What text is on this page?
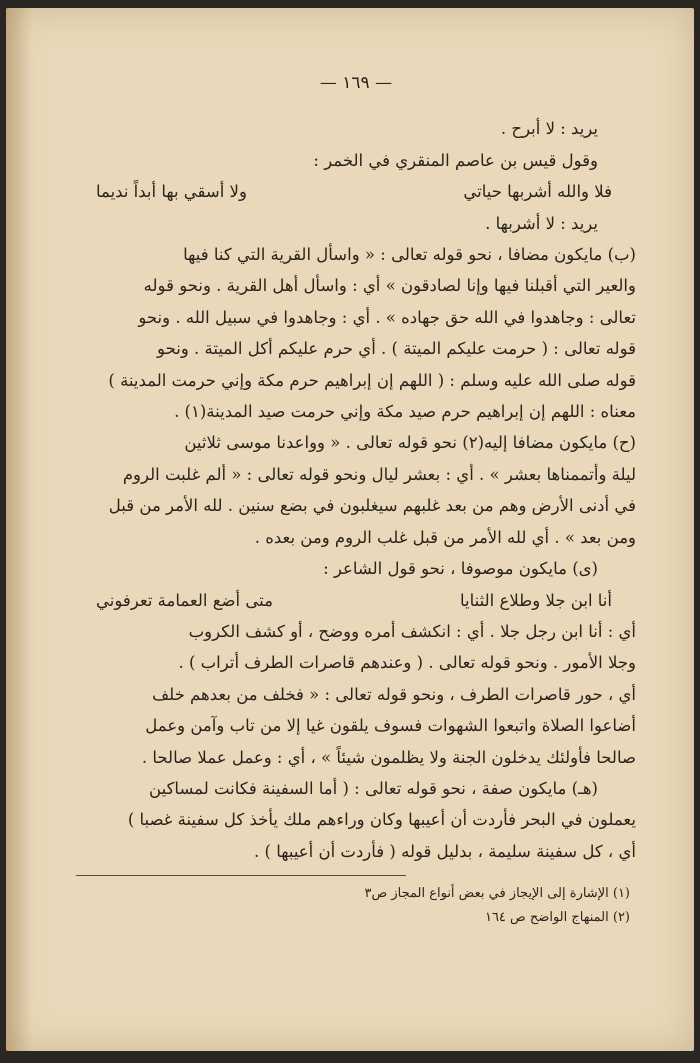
— ١٦٩ —
يريد : لا أبرح .
وقول قيس بن عاصم المنقري في الخمر :
فلا والله أشربها حياتي
ولا أسقي بها أبداً نديما
يريد : لا أشربها .
(ب) مايكون مضافا ، نحو قوله تعالى : « واسأل القرية التي كنا فيها
والعير التي أقبلنا فيها وإنا لصادقون » أي : واسأل أهل القرية . ونحو قوله
تعالى : وجاهدوا في الله حق جهاده » . أي : وجاهدوا في سبيل الله . ونحو
قوله تعالى : ( حرمت عليكم الميتة ) . أي حرم عليكم أكل الميتة . ونحو
قوله صلى الله عليه وسلم : ( اللهم إن إبراهيم حرم مكة وإني حرمت المدينة )
معناه : اللهم إن إبراهيم حرم صيد مكة وإني حرمت صيد المدينة(١) .
(ح) مايكون مضافا إليه(٢) نحو قوله تعالى . « وواعدنا موسى ثلاثين
ليلة وأتممناها بعشر » . أي : بعشر ليال ونحو قوله تعالى : « ألم غلبت الروم
في أدنى الأرض وهم من بعد غلبهم سيغلبون في بضع سنين . لله الأمر من قبل
ومن بعد » . أي لله الأمر من قبل غلب الروم ومن بعده .
(ى) مايكون موصوفا ، نحو قول الشاعر :
أنا ابن جلا وطلاع الثنايا
متى أضع العمامة تعرفوني
أي : أنا ابن رجل جلا . أي : انكشف أمره ووضح ، أو كشف الكروب
وجلا الأمور . ونحو قوله تعالى . ( وعندهم قاصرات الطرف أتراب ) .
أي ، حور قاصرات الطرف ، ونحو قوله تعالى : « فخلف من بعدهم خلف
أضاعوا الصلاة واتبعوا الشهوات فسوف يلقون غيا إلا من تاب وآمن وعمل
صالحا فأولئك يدخلون الجنة ولا يظلمون شيئاً » ، أي : وعمل عملا صالحا .
(هـ) مايكون صفة ، نحو قوله تعالى : ( أما السفينة فكانت لمساكين
يعملون في البحر فأردت أن أعيبها وكان وراءهم ملك يأخذ كل سفينة غصبا )
أي ، كل سفينة سليمة ، بدليل قوله ( فأردت أن أعيبها ) .
(١) الإشارة إلى الإيجاز في بعض أنواع المجاز ص٣
(٢) المنهاج الواضح ص ١٦٤
